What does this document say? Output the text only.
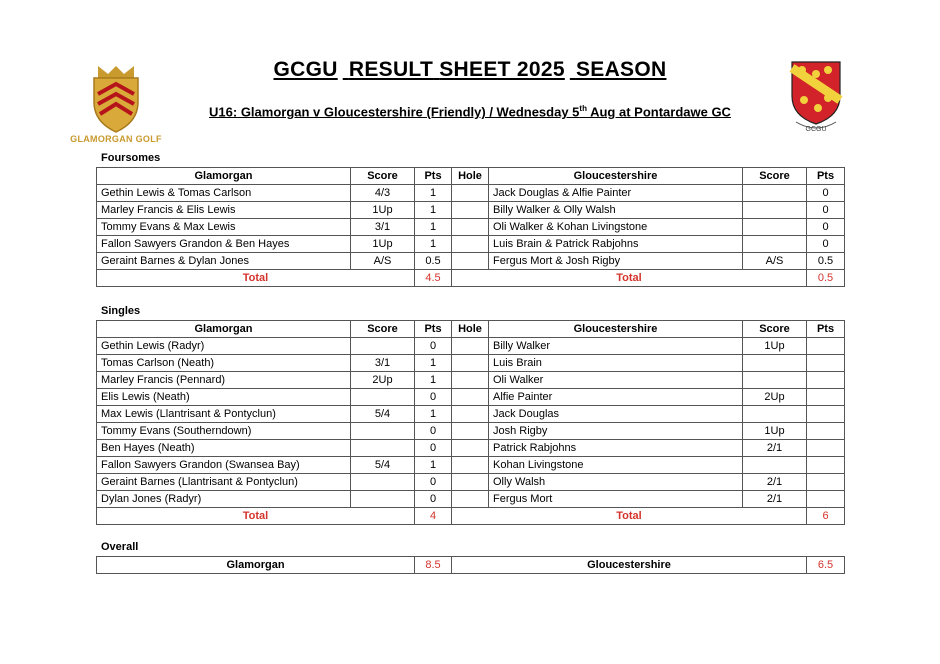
GLAMORGAN GOLF
GCGU
GCGU RESULT SHEET 2025 SEASON
U16: Glamorgan v Gloucestershire (Friendly) / Wednesday 5th Aug at Pontardawe GC
Foursomes
Glamorgan	Score	Pts	Hole	Gloucestershire	Score	Pts
Gethin Lewis & Tomas Carlson	4/3	1		Jack Douglas & Alfie Painter		0
Marley Francis & Elis Lewis	1Up	1		Billy Walker & Olly Walsh		0
Tommy Evans & Max Lewis	3/1	1		Oli Walker & Kohan Livingstone		0
Fallon Sawyers Grandon & Ben Hayes	1Up	1		Luis Brain & Patrick Rabjohns		0
Geraint Barnes & Dylan Jones	A/S	0.5		Fergus Mort & Josh Rigby	A/S	0.5
Total		4.5	Total			0.5
Singles
Glamorgan	Score	Pts	Hole	Gloucestershire	Score	Pts
Gethin Lewis (Radyr)		0		Billy Walker	1Up	
Tomas Carlson (Neath)	3/1	1		Luis Brain		
Marley Francis (Pennard)	2Up	1		Oli Walker		
Elis Lewis (Neath)		0		Alfie Painter	2Up	
Max Lewis (Llantrisant & Pontyclun)	5/4	1		Jack Douglas		
Tommy Evans (Southerndown)		0		Josh Rigby	1Up	
Ben Hayes (Neath)		0		Patrick Rabjohns	2/1	
Fallon Sawyers Grandon (Swansea Bay)	5/4	1		Kohan Livingstone		
Geraint Barnes (Llantrisant & Pontyclun)		0		Olly Walsh	2/1	
Dylan Jones (Radyr)		0		Fergus Mort	2/1	
Total		4	Total			6
Overall
Glamorgan	8.5	Gloucestershire	6.5
